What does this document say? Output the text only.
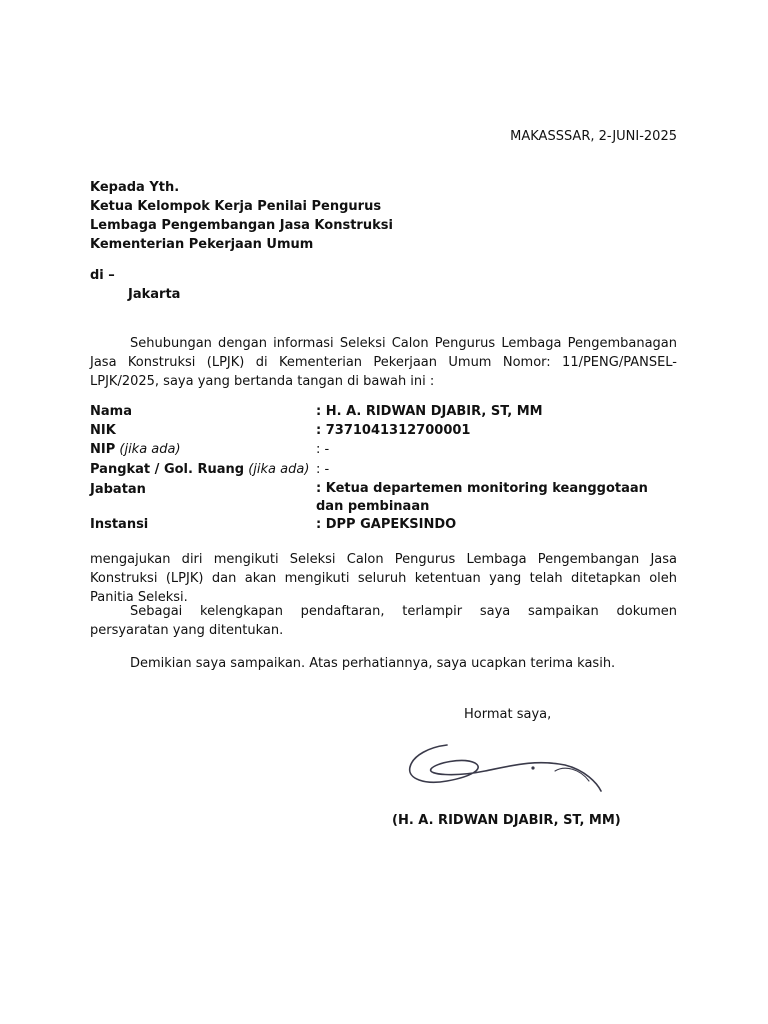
MAKASSSAR, 2-JUNI-2025
Kepada Yth.
Ketua Kelompok Kerja Penilai Pengurus
Lembaga Pengembangan Jasa Konstruksi
Kementerian Pekerjaan Umum
di –
Jakarta
Sehubungan dengan informasi Seleksi Calon Pengurus Lembaga Pengembanagan Jasa Konstruksi (LPJK) di Kementerian Pekerjaan Umum Nomor: 11/PENG/PANSEL-LPJK/2025, saya yang bertanda tangan di bawah ini :
Nama	: H. A. RIDWAN DJABIR, ST, MM
NIK	: 7371041312700001
NIP (jika ada)	: -
Pangkat / Gol. Ruang (jika ada) : -
Jabatan	: Ketua departemen monitoring keanggotaan dan pembinaan
Instansi	: DPP GAPEKSINDO
mengajukan diri mengikuti Seleksi Calon Pengurus Lembaga Pengembangan Jasa Konstruksi (LPJK) dan akan mengikuti seluruh ketentuan yang telah ditetapkan oleh Panitia Seleksi.
Sebagai kelengkapan pendaftaran, terlampir saya sampaikan dokumen persyaratan yang ditentukan.
Demikian saya sampaikan. Atas perhatiannya, saya ucapkan terima kasih.
Hormat saya,
(H. A. RIDWAN DJABIR, ST, MM)
